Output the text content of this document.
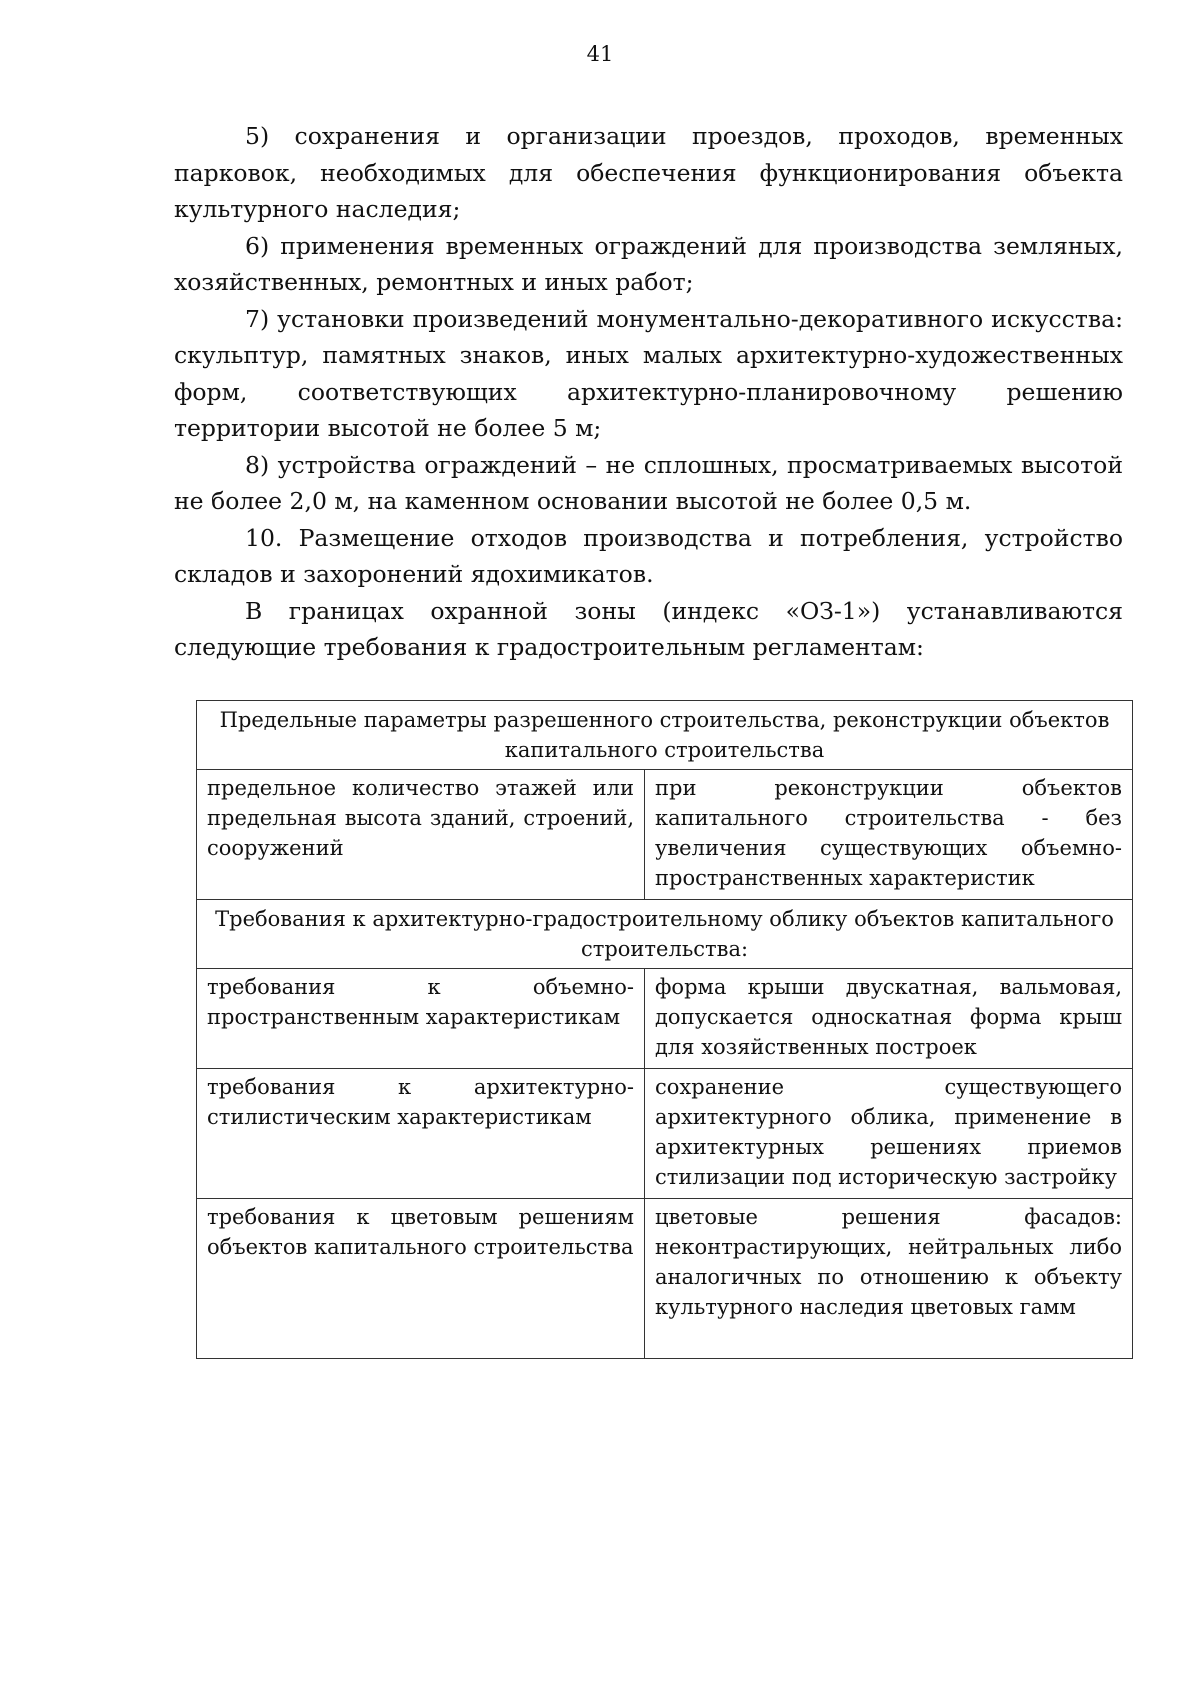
41

5) сохранения и организации проездов, проходов, временных парковок, необходимых для обеспечения функционирования объекта культурного наследия;

6) применения временных ограждений для производства земляных, хозяйственных, ремонтных и иных работ;

7) установки произведений монументально-декоративного искусства: скульптур, памятных знаков, иных малых архитектурно-художественных форм, соответствующих архитектурно-планировочному решению территории высотой не более 5 м;

8) устройства ограждений – не сплошных, просматриваемых высотой не более 2,0 м, на каменном основании высотой не более 0,5 м.

10. Размещение отходов производства и потребления, устройство складов и захоронений ядохимикатов.

В границах охранной зоны (индекс «ОЗ-1») устанавливаются следующие требования к градостроительным регламентам:

Предельные параметры разрешенного строительства, реконструкции объектов капитального строительства	
предельное количество этажей или предельная высота зданий, строений, сооружений	при реконструкции объектов капитального строительства - без увеличения существующих объемно-пространственных характеристик
Требования к архитектурно-градостроительному облику объектов капитального строительства:	
требования к объемно-пространственным характеристикам	форма крыши двускатная, вальмовая, допускается односкатная форма крыш для хозяйственных построек
требования к архитектурно-стилистическим характеристикам	сохранение существующего архитектурного облика, применение в архитектурных решениях приемов стилизации под историческую застройку
требования к цветовым решениям объектов капитального строительства	цветовые решения фасадов: неконтрастирующих, нейтральных либо аналогичных по отношению к объекту культурного наследия цветовых гамм
